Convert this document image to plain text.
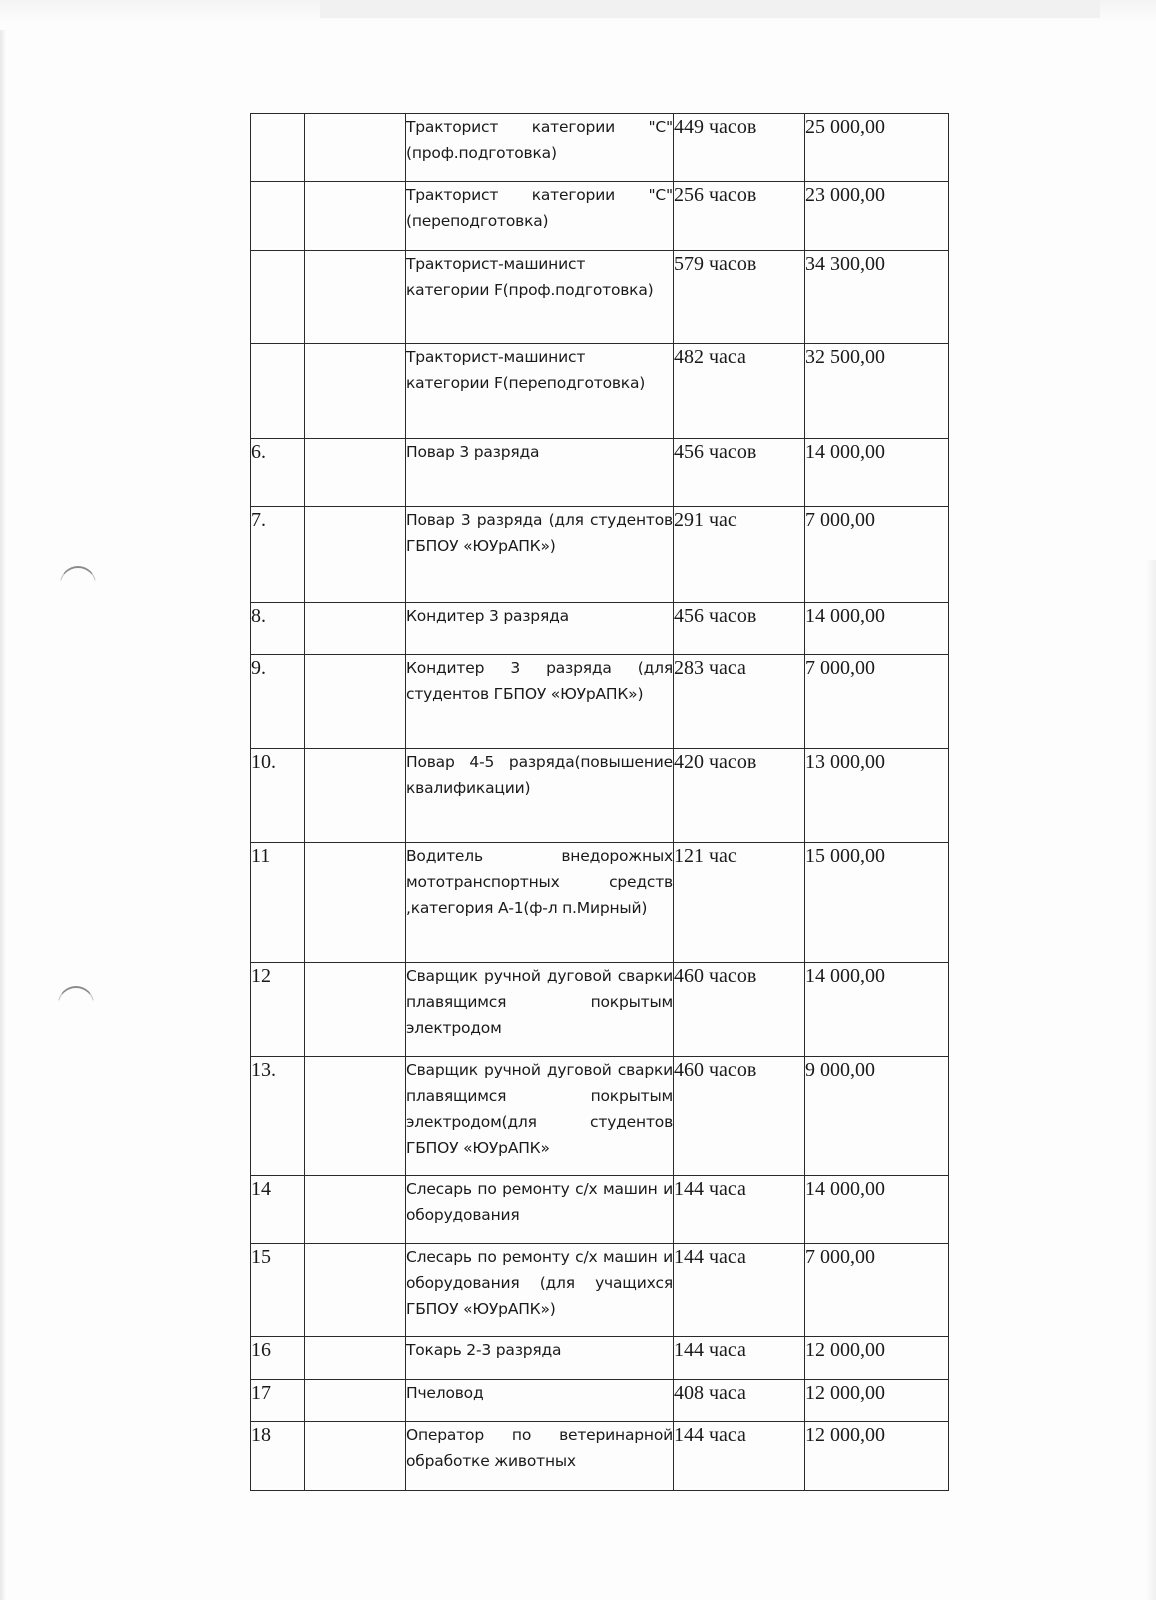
		Тракторист категории "С" (проф.подготовка)	449 часов	25 000,00
		Тракторист категории "С" (переподготовка)	256 часов	23 000,00
		Тракторист-машинист категории F(проф.подготовка)	579 часов	34 300,00
		Тракторист-машинист категории F(переподготовка)	482 часа	32 500,00
6.		Повар 3 разряда	456 часов	14 000,00
7.		Повар 3 разряда (для студентов ГБПОУ «ЮУрАПК»)	291 час	7 000,00
8.		Кондитер 3 разряда	456 часов	14 000,00
9.		Кондитер 3 разряда (для студентов ГБПОУ «ЮУрАПК»)	283 часа	7 000,00
10.		Повар 4-5 разряда(повышение квалификации)	420 часов	13 000,00
11		Водитель внедорожных мототранспортных средств ,категория А-1(ф-л п.Мирный)	121 час	15 000,00
12		Сварщик ручной дуговой сварки плавящимся покрытым электродом	460 часов	14 000,00
13.		Сварщик ручной дуговой сварки плавящимся покрытым электродом(для студентов ГБПОУ «ЮУрАПК»	460 часов	9 000,00
14		Слесарь по ремонту с/х машин и оборудования	144 часа	14 000,00
15		Слесарь по ремонту с/х машин и оборудования (для учащихся ГБПОУ «ЮУрАПК»)	144 часа	7 000,00
16		Токарь 2-3 разряда	144 часа	12 000,00
17		Пчеловод	408 часа	12 000,00
18		Оператор по ветеринарной обработке животных	144 часа	12 000,00
